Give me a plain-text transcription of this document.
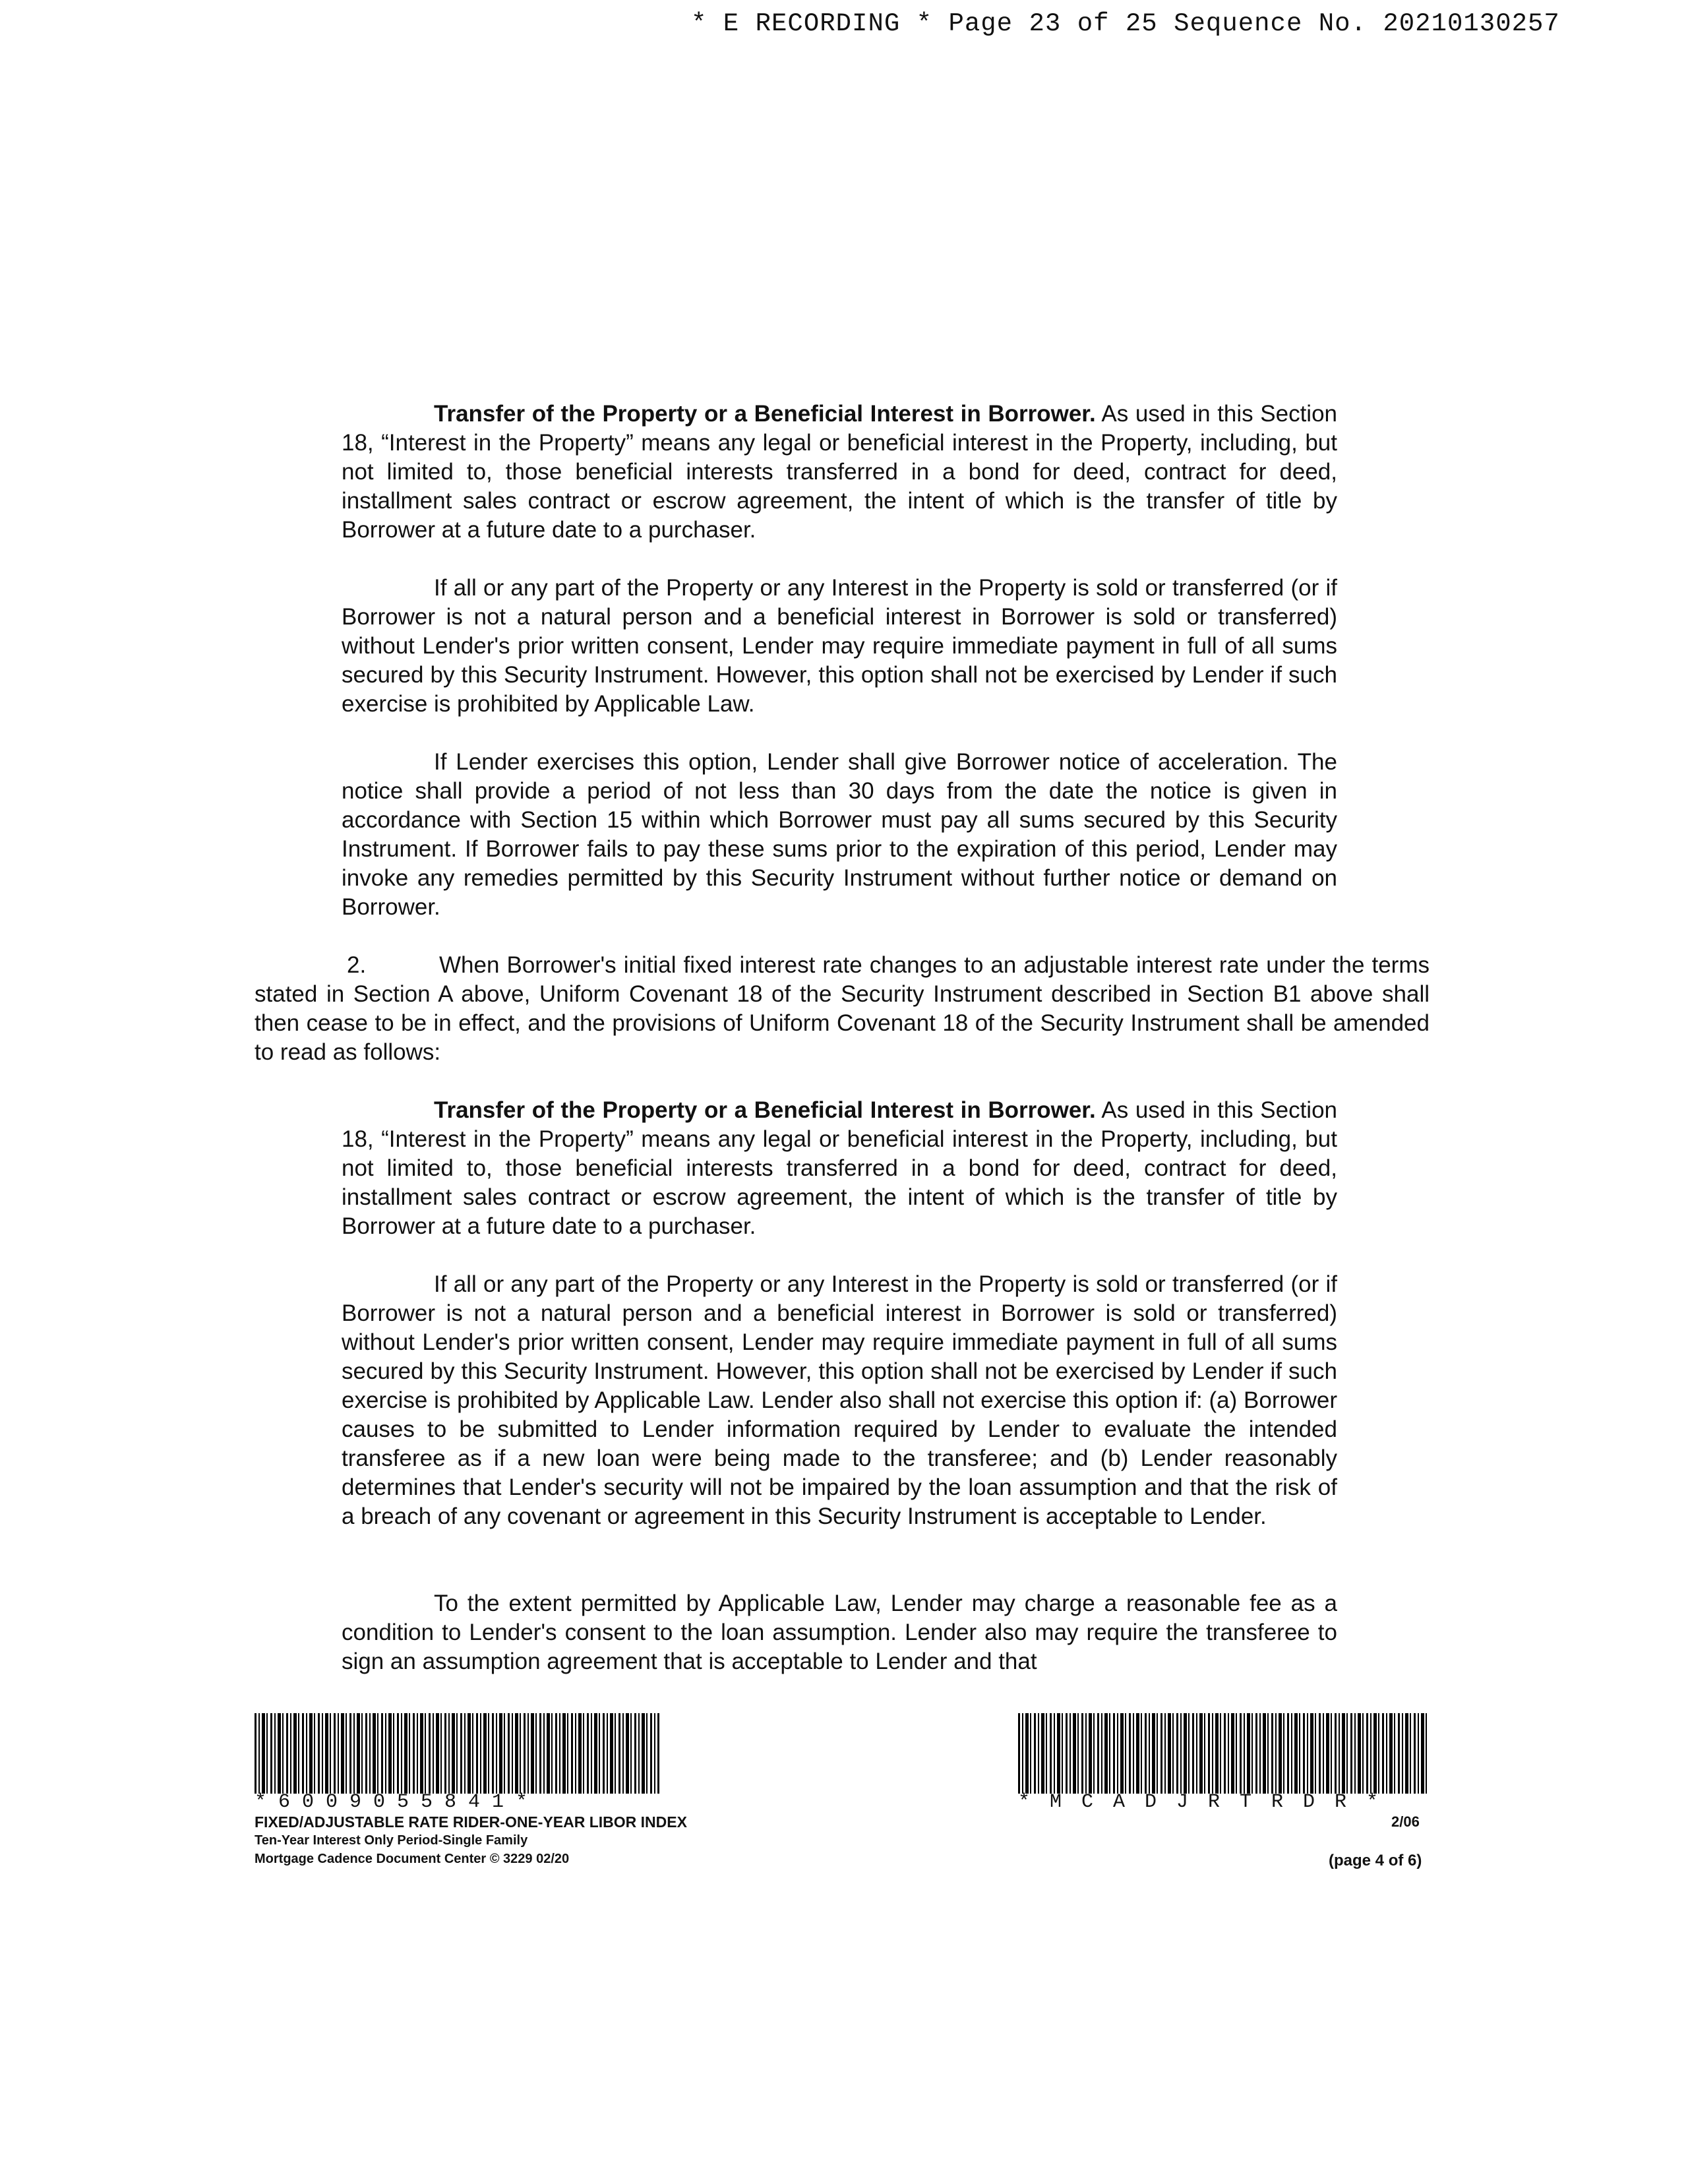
* E RECORDING * Page 23 of 25 Sequence No. 20210130257

Transfer of the Property or a Beneficial Interest in Borrower. As used in this Section 18, “Interest in the Property” means any legal or beneficial interest in the Property, including, but not limited to, those beneficial interests transferred in a bond for deed, contract for deed, installment sales contract or escrow agreement, the intent of which is the transfer of title by Borrower at a future date to a purchaser.

If all or any part of the Property or any Interest in the Property is sold or transferred (or if Borrower is not a natural person and a beneficial interest in Borrower is sold or transferred) without Lender's prior written consent, Lender may require immediate payment in full of all sums secured by this Security Instrument. However, this option shall not be exercised by Lender if such exercise is prohibited by Applicable Law.

If Lender exercises this option, Lender shall give Borrower notice of acceleration. The notice shall provide a period of not less than 30 days from the date the notice is given in accordance with Section 15 within which Borrower must pay all sums secured by this Security Instrument. If Borrower fails to pay these sums prior to the expiration of this period, Lender may invoke any remedies permitted by this Security Instrument without further notice or demand on Borrower.

2.	When Borrower's initial fixed interest rate changes to an adjustable interest rate under the terms stated in Section A above, Uniform Covenant 18 of the Security Instrument described in Section B1 above shall then cease to be in effect, and the provisions of Uniform Covenant 18 of the Security Instrument shall be amended to read as follows:

Transfer of the Property or a Beneficial Interest in Borrower. As used in this Section 18, “Interest in the Property” means any legal or beneficial interest in the Property, including, but not limited to, those beneficial interests transferred in a bond for deed, contract for deed, installment sales contract or escrow agreement, the intent of which is the transfer of title by Borrower at a future date to a purchaser.

If all or any part of the Property or any Interest in the Property is sold or transferred (or if Borrower is not a natural person and a beneficial interest in Borrower is sold or transferred) without Lender's prior written consent, Lender may require immediate payment in full of all sums secured by this Security Instrument. However, this option shall not be exercised by Lender if such exercise is prohibited by Applicable Law. Lender also shall not exercise this option if: (a) Borrower causes to be submitted to Lender information required by Lender to evaluate the intended transferee as if a new loan were being made to the transferee; and (b) Lender reasonably determines that Lender's security will not be impaired by the loan assumption and that the risk of a breach of any covenant or agreement in this Security Instrument is acceptable to Lender.

To the extent permitted by Applicable Law, Lender may charge a reasonable fee as a condition to Lender's consent to the loan assumption. Lender also may require the transferee to sign an assumption agreement that is acceptable to Lender and that

*6009055841*
FIXED/ADJUSTABLE RATE RIDER-ONE-YEAR LIBOR INDEX
Ten-Year Interest Only Period-Single Family
Mortgage Cadence Document Center © 3229 02/20
*MCADJRTRDR*
2/06
(page 4 of 6)
